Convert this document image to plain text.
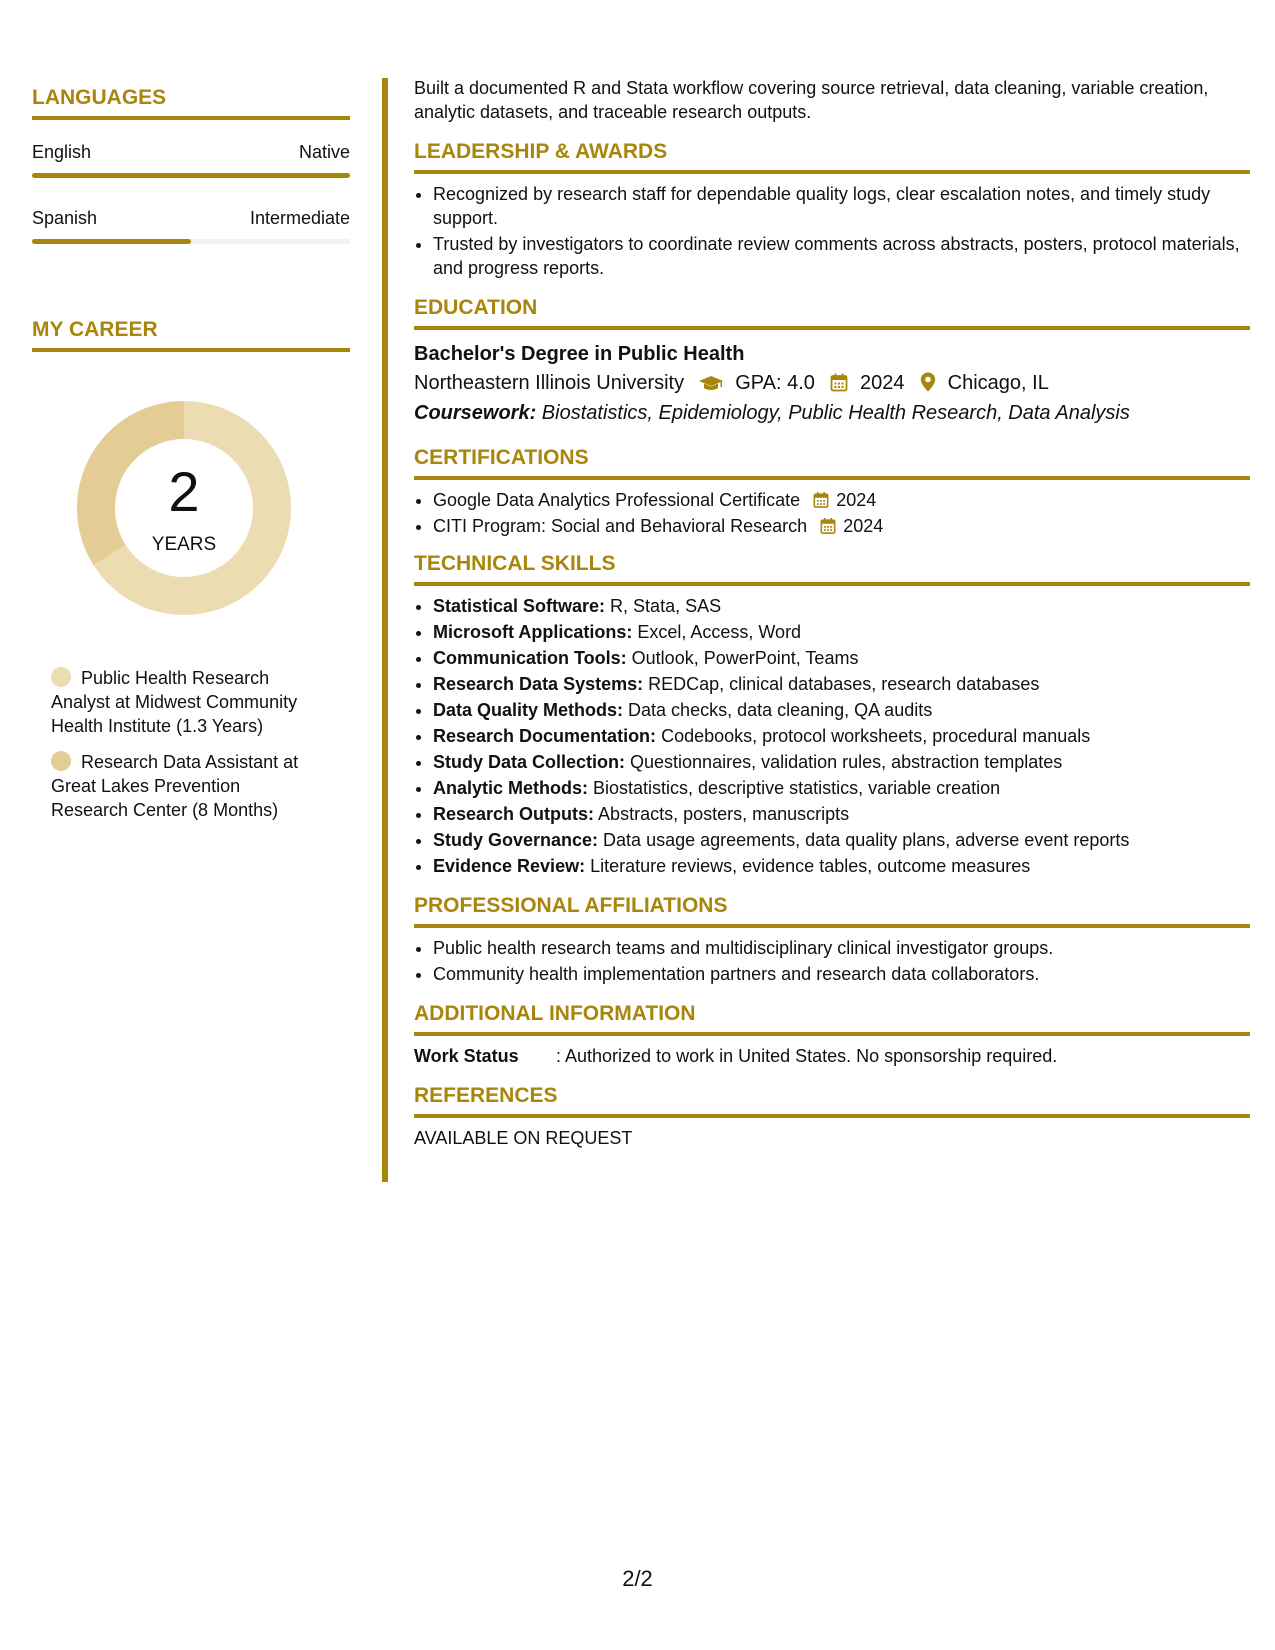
LANGUAGES
English	Native
Spanish	Intermediate
MY CAREER
2
YEARS
Public Health Research Analyst at Midwest Community Health Institute (1.3 Years)
Research Data Assistant at Great Lakes Prevention Research Center (8 Months)

Built a documented R and Stata workflow covering source retrieval, data cleaning, variable creation, analytic datasets, and traceable research outputs.

LEADERSHIP & AWARDS
• Recognized by research staff for dependable quality logs, clear escalation notes, and timely study support.
• Trusted by investigators to coordinate review comments across abstracts, posters, protocol materials, and progress reports.
EDUCATION
Bachelor's Degree in Public Health
Northeastern Illinois University	GPA: 4.0 2024 Chicago, IL
Coursework: Biostatistics, Epidemiology, Public Health Research, Data Analysis
CERTIFICATIONS
• Google Data Analytics Professional Certificate 2024
• CITI Program: Social and Behavioral Research 2024
TECHNICAL SKILLS
• Statistical Software: R, Stata, SAS
• Microsoft Applications: Excel, Access, Word
• Communication Tools: Outlook, PowerPoint, Teams
• Research Data Systems: REDCap, clinical databases, research databases
• Data Quality Methods: Data checks, data cleaning, QA audits
• Research Documentation: Codebooks, protocol worksheets, procedural manuals
• Study Data Collection: Questionnaires, validation rules, abstraction templates
• Analytic Methods: Biostatistics, descriptive statistics, variable creation
• Research Outputs: Abstracts, posters, manuscripts
• Study Governance: Data usage agreements, data quality plans, adverse event reports
• Evidence Review: Literature reviews, evidence tables, outcome measures
PROFESSIONAL AFFILIATIONS
• Public health research teams and multidisciplinary clinical investigator groups.
• Community health implementation partners and research data collaborators.
ADDITIONAL INFORMATION
Work Status : Authorized to work in United States. No sponsorship required.
REFERENCES
AVAILABLE ON REQUEST
2/2
